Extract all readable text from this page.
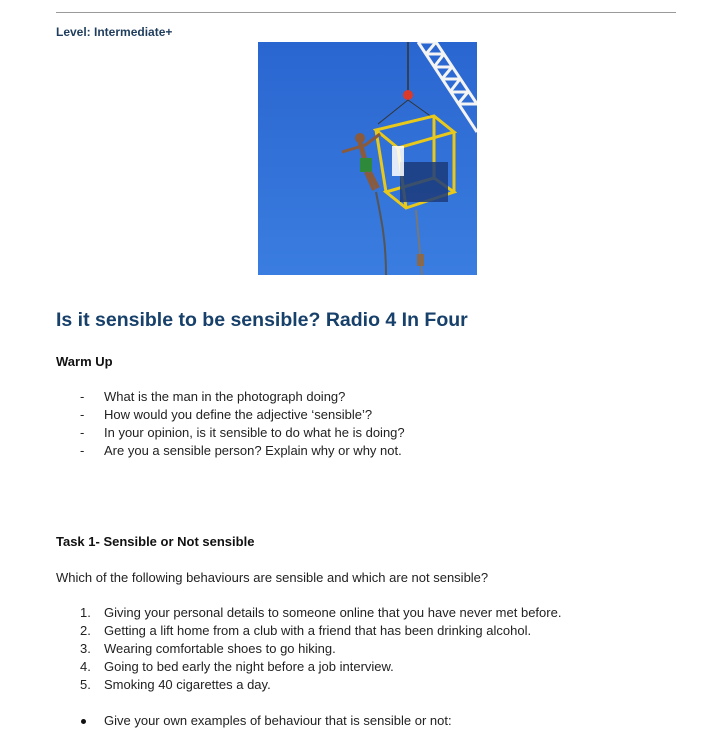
Level: Intermediate+
Is it sensible to be sensible? Radio 4 In Four
Warm Up
- What is the man in the photograph doing?
- How would you define the adjective ‘sensible’?
- In your opinion, is it sensible to do what he is doing?
- Are you a sensible person? Explain why or why not.
Task 1- Sensible or Not sensible
Which of the following behaviours are sensible and which are not sensible?
1. Giving your personal details to someone online that you have never met before.
2. Getting a lift home from a club with a friend that has been drinking alcohol.
3. Wearing comfortable shoes to go hiking.
4. Going to bed early the night before a job interview.
5. Smoking 40 cigarettes a day.
Give your own examples of behaviour that is sensible or not:
